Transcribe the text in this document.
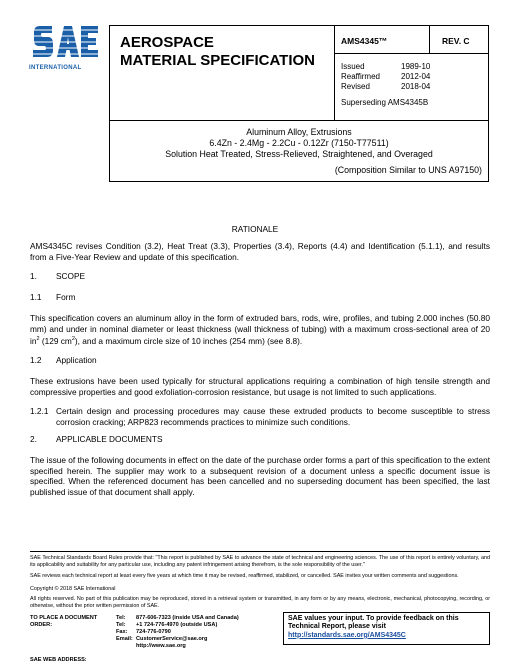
INTERNATIONAL
AEROSPACE
MATERIAL SPECIFICATION
AMS4345™	REV. C
Issued	1989-10
Reaffirmed	2012-04
Revised	2018-04
Superseding AMS4345B
Aluminum Alloy, Extrusions
6.4Zn - 2.4Mg - 2.2Cu - 0.12Zr (7150-T77511)
Solution Heat Treated, Stress-Relieved, Straightened, and Overaged
(Composition Similar to UNS A97150)
RATIONALE
AMS4345C revises Condition (3.2), Heat Treat (3.3), Properties (3.4), Reports (4.4) and Identification (5.1.1), and results from a Five-Year Review and update of this specification.
1. SCOPE
1.1 Form
This specification covers an aluminum alloy in the form of extruded bars, rods, wire, profiles, and tubing 2.000 inches (50.80 mm) and under in nominal diameter or least thickness (wall thickness of tubing) with a maximum cross-sectional area of 20 $in^2$ (129 $cm^2$), and a maximum circle size of 10 inches (254 mm) (see 8.8).
1.2 Application
These extrusions have been used typically for structural applications requiring a combination of high tensile strength and compressive properties and good exfoliation-corrosion resistance, but usage is not limited to such applications.
1.2.1 Certain design and processing procedures may cause these extruded products to become susceptible to stress corrosion cracking; ARP823 recommends practices to minimize such conditions.
2. APPLICABLE DOCUMENTS
The issue of the following documents in effect on the date of the purchase order forms a part of this specification to the extent specified herein. The supplier may work to a subsequent revision of a document unless a specific document issue is specified. When the referenced document has been cancelled and no superseding document has been specified, the last published issue of that document shall apply.
SAE Technical Standards Board Rules provide that: "This report is published by SAE to advance the state of technical and engineering sciences. The use of this report is entirely voluntary, and its applicability and suitability for any particular use, including any patent infringement arising therefrom, is the sole responsibility of the user."
SAE reviews each technical report at least every five years at which time it may be revised, reaffirmed, stabilized, or cancelled. SAE invites your written comments and suggestions.
Copyright © 2018 SAE International
All rights reserved. No part of this publication may be reproduced, stored in a retrieval system or transmitted, in any form or by any means, electronic, mechanical, photocopying, recording, or otherwise, without the prior written permission of SAE.
TO PLACE A DOCUMENT ORDER:
SAE WEB ADDRESS:
Tel:	877-606-7323 (inside USA and Canada)
Tel:	+1 724-776-4970 (outside USA)
Fax:	724-776-0790
Email: CustomerService@sae.org
http://www.sae.org
SAE values your input. To provide feedback on this
Technical Report, please visit
http://standards.sae.org/AMS4345C
